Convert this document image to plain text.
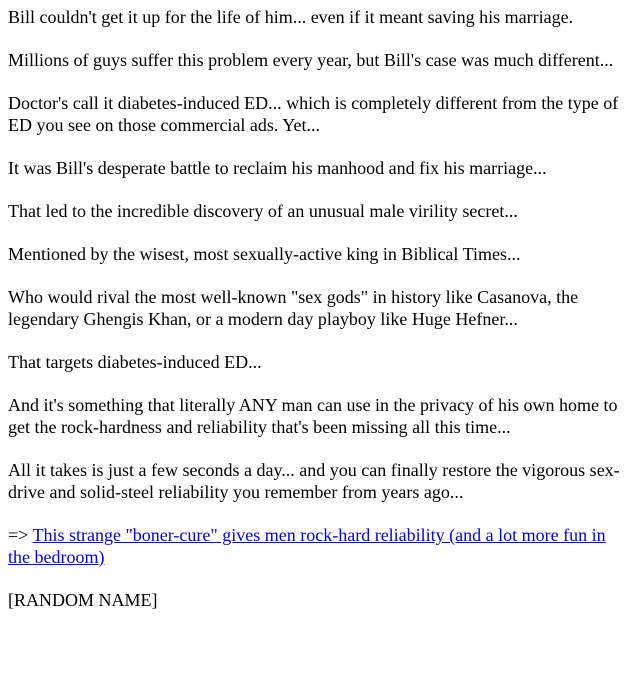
Bill couldn't get it up for the life of him... even if it meant saving his marriage.

Millions of guys suffer this problem every year, but Bill's case was much different...

Doctor's call it diabetes-induced ED... which is completely different from the type of ED you see on those commercial ads. Yet...

It was Bill's desperate battle to reclaim his manhood and fix his marriage...

That led to the incredible discovery of an unusual male virility secret...

Mentioned by the wisest, most sexually-active king in Biblical Times...

Who would rival the most well-known "sex gods" in history like Casanova, the legendary Ghengis Khan, or a modern day playboy like Huge Hefner...

That targets diabetes-induced ED...

And it's something that literally ANY man can use in the privacy of his own home to get the rock-hardness and reliability that's been missing all this time...

All it takes is just a few seconds a day... and you can finally restore the vigorous sex-drive and solid-steel reliability you remember from years ago...

=> This strange "boner-cure" gives men rock-hard reliability (and a lot more fun in the bedroom)

[RANDOM NAME]
